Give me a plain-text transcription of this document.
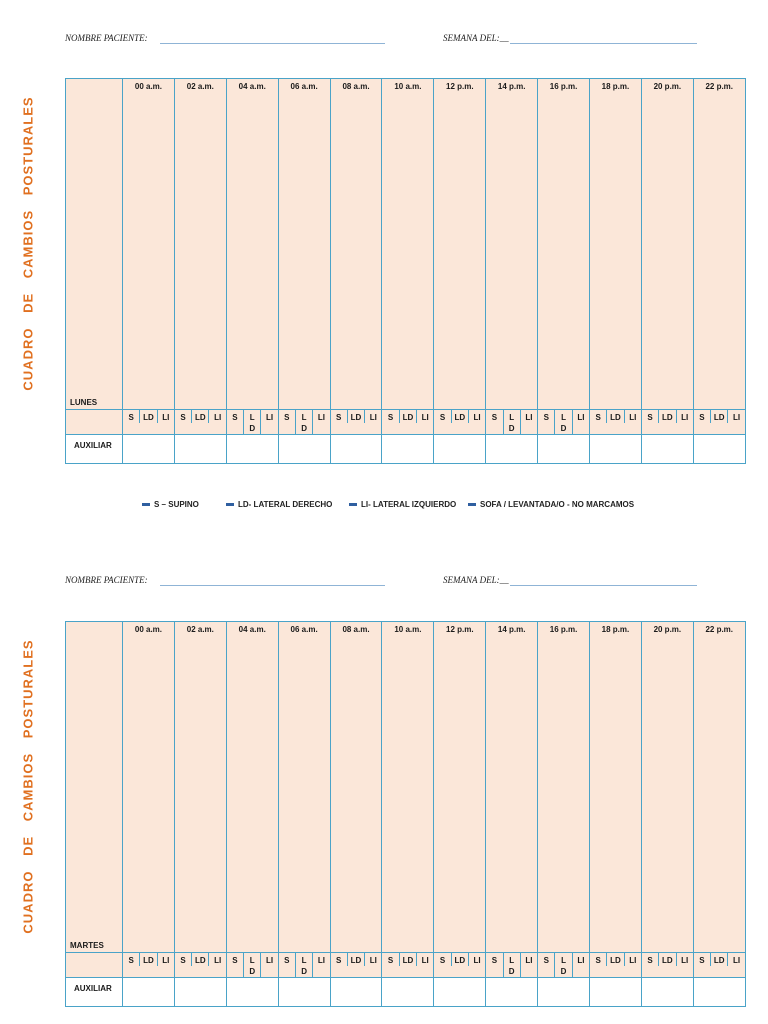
NOMBRE PACIENTE:	SEMANA DEL:__
CUADRO DE CAMBIOS POSTURALES
LUNES	00 a.m.	02 a.m.	04 a.m.	06 a.m.	08 a.m.	10 a.m.	12 p.m.	14 p.m.	16 p.m.	18 p.m.	20 p.m.	22 p.m.

	S LD LI	S LD LI	S L
D
LI	S L
D
LI	S LD LI	S LD LI	S LD LI	S L
D
LI	S L
D
LI	S LD LI	S LD LI	S LD LI

AUXILIAR												
S – SUPINO	LD- LATERAL DERECHO	LI- LATERAL IZQUIERDO	SOFA / LEVANTADA/O - NO MARCAMOS
NOMBRE PACIENTE:	SEMANA DEL:__
CUADRO DE CAMBIOS POSTURALES
MARTES	00 a.m.	02 a.m.	04 a.m.	06 a.m.	08 a.m.	10 a.m.	12 p.m.	14 p.m.	16 p.m.	18 p.m.	20 p.m.	22 p.m.

	S LD LI	S LD LI	S L
D
LI	S L
D
LI	S LD LI	S LD LI	S LD LI	S L
D
LI	S L
D
LI	S LD LI	S LD LI	S LD LI

AUXILIAR												
